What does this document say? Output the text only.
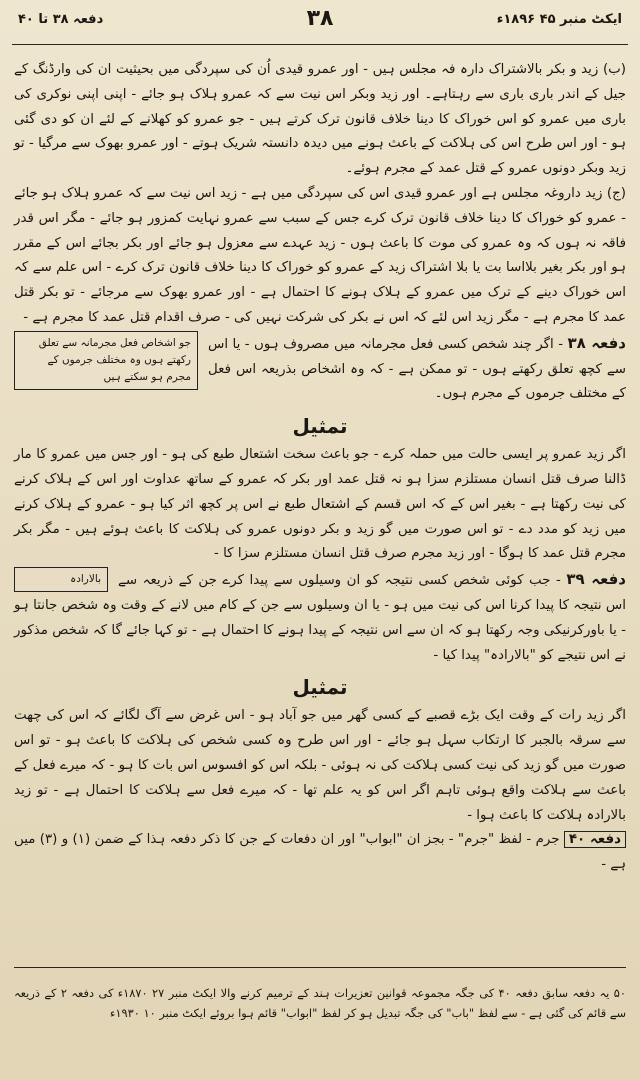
ایکٹ منبر ۴۵ ۱۸۹۶ء
۳۸
دفعہ ۳۸ تا ۴۰

(ب) زید و بکر بالاشتراک دارہ فہ مجلس ہیں - اور عمرو قیدی اُن کی سپردگی میں بحیثیت ان کی وارڈنگ کے جیل کے اندر باری باری سے رہتاہے۔ اور زید وبکر اس نیت سے کہ عمرو ہلاک ہو جائے - اپنی اپنی نوکری کی باری میں عمرو کو اس خوراک کا دینا خلاف قانون ترک کرتے ہیں - جو عمرو کو کھلانے کے لئے ان کو دی گئی ہو - اور اس طرح اس کی ہلاکت کے باعث ہونے میں دیدہ دانستہ شریک ہوتے - اور عمرو بھوک سے مرگیا - تو زید وبکر دونوں عمرو کے قتل عمد کے مجرم ہوئے۔

(ج) زید داروغہ مجلس ہے اور عمرو قیدی اس کی سپردگی میں ہے - زید اس نیت سے کہ عمرو ہلاک ہو جائے - عمرو کو خوراک کا دینا خلاف قانون ترک کرے جس کے سبب سے عمرو نہایت کمزور ہو جائے - مگر اس قدر فاقہ نہ ہوں کہ وہ عمرو کی موت کا باعث ہوں - زید عہدے سے معزول ہو جائے اور بکر بجائے اس کے مقرر ہو اور بکر بغیر بلااسا بت یا بلا اشتراک زید کے عمرو کو خوراک کا دینا خلاف قانون ترک کرے - اس علم سے کہ اس خوراک دینے کے ترک میں عمرو کے ہلاک ہونے کا احتمال ہے - اور عمرو بھوک سے مرجائے - تو بکر قتل عمد کا مجرم ہے - مگر زید اس لئے کہ اس نے بکر کی شرکت نہیں کی - صرف اقدام قتل عمد کا مجرم ہے -

جو اشخاص فعل مجرمانہ سے تعلق رکھتے ہوں وہ مختلف جرموں کے مجرم ہو سکتے ہیں
دفعہ ۳۸ - اگر چند شخص کسی فعل مجرمانہ میں مصروف ہوں - یا اس سے کچھ تعلق رکھتے ہوں - تو ممکن ہے - کہ وہ اشخاص بذریعہ اس فعل کے مختلف جرموں کے مجرم ہوں۔

تمثیل

اگر زید عمرو پر ایسی حالت میں حملہ کرے - جو باعث سخت اشتعال طبع کی ہو - اور جس میں عمرو کا مار ڈالنا صرف قتل انسان مستلزم سزا ہو نہ قتل عمد اور بکر کہ عمرو کے ساتھ عداوت اور اس کے ہلاک کرنے کی نیت رکھتا ہے - بغیر اس کے کہ اس قسم کے اشتعال طبع نے اس پر کچھ اثر کیا ہو - عمرو کے ہلاک کرنے میں زید کو مدد دے - تو اس صورت میں گو زید و بکر دونوں عمرو کی ہلاکت کا باعث ہوئے ہیں - مگر بکر مجرم قتل عمد کا ہوگا - اور زید مجرم صرف قتل انسان مستلزم سزا کا -

بالارادہ	دفعہ ۳۹ - جب کوئی شخص کسی نتیجہ کو ان وسیلوں سے پیدا کرے جن کے ذریعہ سے اس نتیجہ کا پیدا کرنا اس کی نیت میں ہو - یا ان وسیلوں سے جن کے کام میں لانے کے وقت وہ شخص جانتا ہو - یا باورکرنیکی وجہ رکھتا ہو کہ ان سے اس نتیجہ کے پیدا ہونے کا احتمال ہے - تو کہا جائے گا کہ شخص مذکور نے اس نتیجے کو "بالارادہ" پیدا کیا -

تمثیل

اگر زید رات کے وقت ایک بڑے قصبے کے کسی گھر میں جو آباد ہو - اس غرض سے آگ لگائے کہ اس کی چھت سے سرقہ بالجبر کا ارتکاب سہل ہو جائے - اور اس طرح وہ کسی شخص کی ہلاکت کا باعث ہو - تو اس صورت میں گو زید کی نیت کسی ہلاکت کی نہ ہوئی - بلکہ اس کو افسوس اس بات کا ہو - کہ میرے فعل کے باعث سے ہلاکت واقع ہوئی تاہم اگر اس کو یہ علم تھا - کہ میرے فعل سے ہلاکت کا احتمال ہے - تو زید بالارادہ ہلاکت کا باعث ہوا -

دفعہ ۴۰ جرم - لفظ "جرم" - بجز ان "ابواب" اور ان دفعات کے جن کا ذکر دفعہ ہذا کے ضمن (۱) و (۳) میں ہے -

۵۰ یہ دفعہ سابق دفعہ ۴۰ کی جگہ مجموعہ قوانین تعزیرات ہند کے ترمیم کرنے والا ایکٹ منبر ۲۷ ۱۸۷۰ء کی دفعہ ۲ کے ذریعہ سے قائم کی گئی ہے - سے لفظ "باب" کی جگہ تبدیل ہو کر لفظ "ابواب" قائم ہوا بروئے ایکٹ منبر ۱۰ ۱۹۳۰ء
